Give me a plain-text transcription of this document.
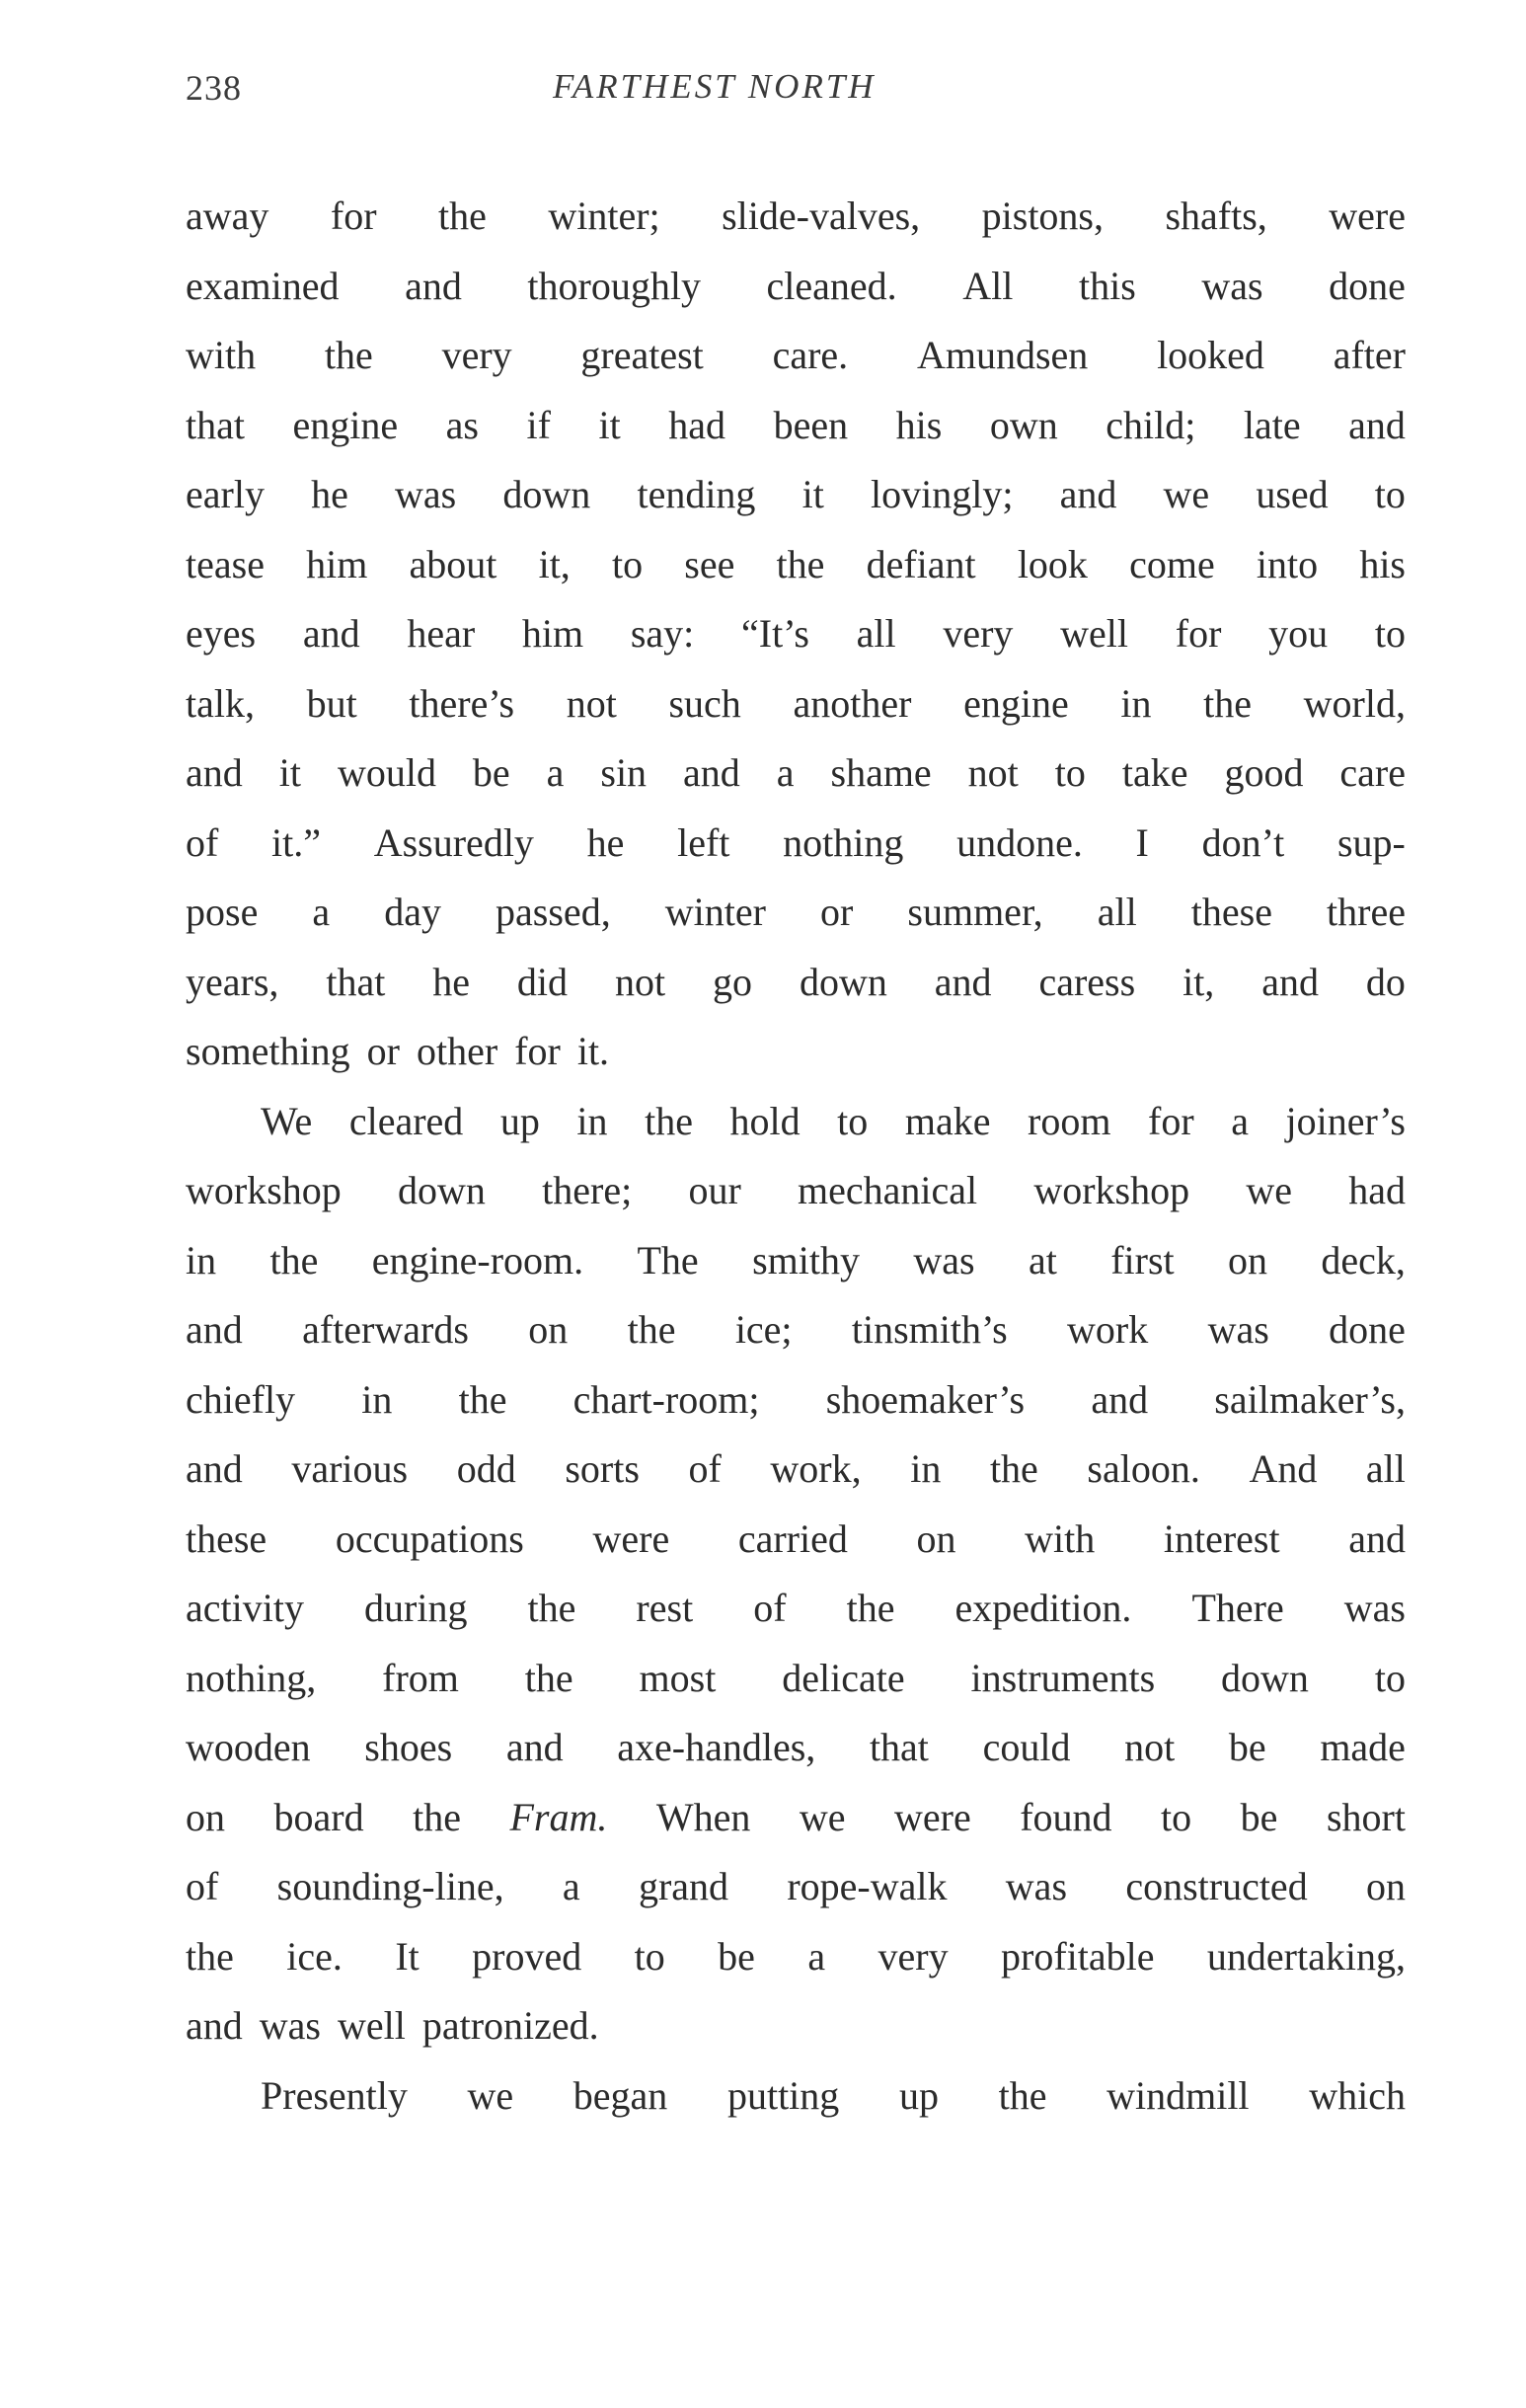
238	FARTHEST NORTH
away for the winter; slide-valves, pistons, shafts, were
examined and thoroughly cleaned. All this was done
with the very greatest care. Amundsen looked after
that engine as if it had been his own child; late and
early he was down tending it lovingly; and we used to
tease him about it, to see the defiant look come into his
eyes and hear him say: “It’s all very well for you to
talk, but there’s not such another engine in the world,
and it would be a sin and a shame not to take good care
of it.” Assuredly he left nothing undone. I don’t sup-
pose a day passed, winter or summer, all these three
years, that he did not go down and caress it, and do
something or other for it.
We cleared up in the hold to make room for a joiner’s
workshop down there; our mechanical workshop we had
in the engine-room. The smithy was at first on deck,
and afterwards on the ice; tinsmith’s work was done
chiefly in the chart-room; shoemaker’s and sailmaker’s,
and various odd sorts of work, in the saloon. And all
these occupations were carried on with interest and
activity during the rest of the expedition. There was
nothing, from the most delicate instruments down to
wooden shoes and axe-handles, that could not be made
on board the Fram. When we were found to be short
of sounding-line, a grand rope-walk was constructed on
the ice. It proved to be a very profitable undertaking,
and was well patronized.
Presently we began putting up the windmill which
